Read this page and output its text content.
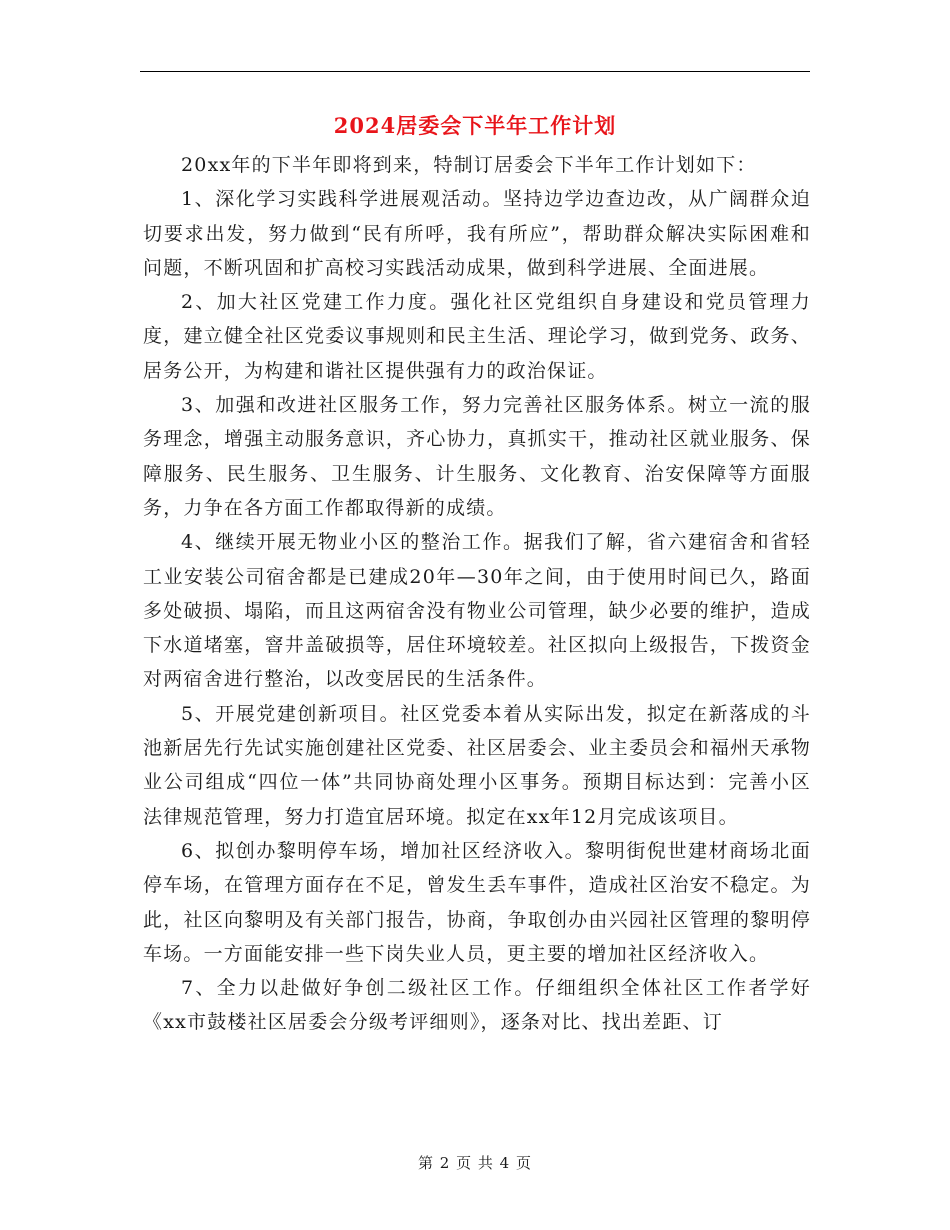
2024居委会下半年工作计划

20xx年的下半年即将到来，特制订居委会下半年工作计划如下：

1、深化学习实践科学进展观活动。坚持边学边查边改，从广阔群众迫切要求出发，努力做到“民有所呼，我有所应”，帮助群众解决实际困难和问题，不断巩固和扩高校习实践活动成果，做到科学进展、全面进展。

2、加大社区党建工作力度。强化社区党组织自身建设和党员管理力度，建立健全社区党委议事规则和民主生活、理论学习，做到党务、政务、居务公开，为构建和谐社区提供强有力的政治保证。

3、加强和改进社区服务工作，努力完善社区服务体系。树立一流的服务理念，增强主动服务意识，齐心协力，真抓实干，推动社区就业服务、保障服务、民生服务、卫生服务、计生服务、文化教育、治安保障等方面服务，力争在各方面工作都取得新的成绩。

4、继续开展无物业小区的整治工作。据我们了解，省六建宿舍和省轻工业安装公司宿舍都是已建成20年—30年之间，由于使用时间已久，路面多处破损、塌陷，而且这两宿舍没有物业公司管理，缺少必要的维护，造成下水道堵塞，窨井盖破损等，居住环境较差。社区拟向上级报告，下拨资金对两宿舍进行整治，以改变居民的生活条件。

5、开展党建创新项目。社区党委本着从实际出发，拟定在新落成的斗池新居先行先试实施创建社区党委、社区居委会、业主委员会和福州天承物业公司组成“四位一体”共同协商处理小区事务。预期目标达到：完善小区法律规范管理，努力打造宜居环境。拟定在xx年12月完成该项目。

6、拟创办黎明停车场，增加社区经济收入。黎明街倪世建材商场北面停车场，在管理方面存在不足，曾发生丢车事件，造成社区治安不稳定。为此，社区向黎明及有关部门报告，协商，争取创办由兴园社区管理的黎明停车场。一方面能安排一些下岗失业人员，更主要的增加社区经济收入。

7、全力以赴做好争创二级社区工作。仔细组织全体社区工作者学好《xx市鼓楼社区居委会分级考评细则》，逐条对比、找出差距、订

第 2 页 共 4 页
